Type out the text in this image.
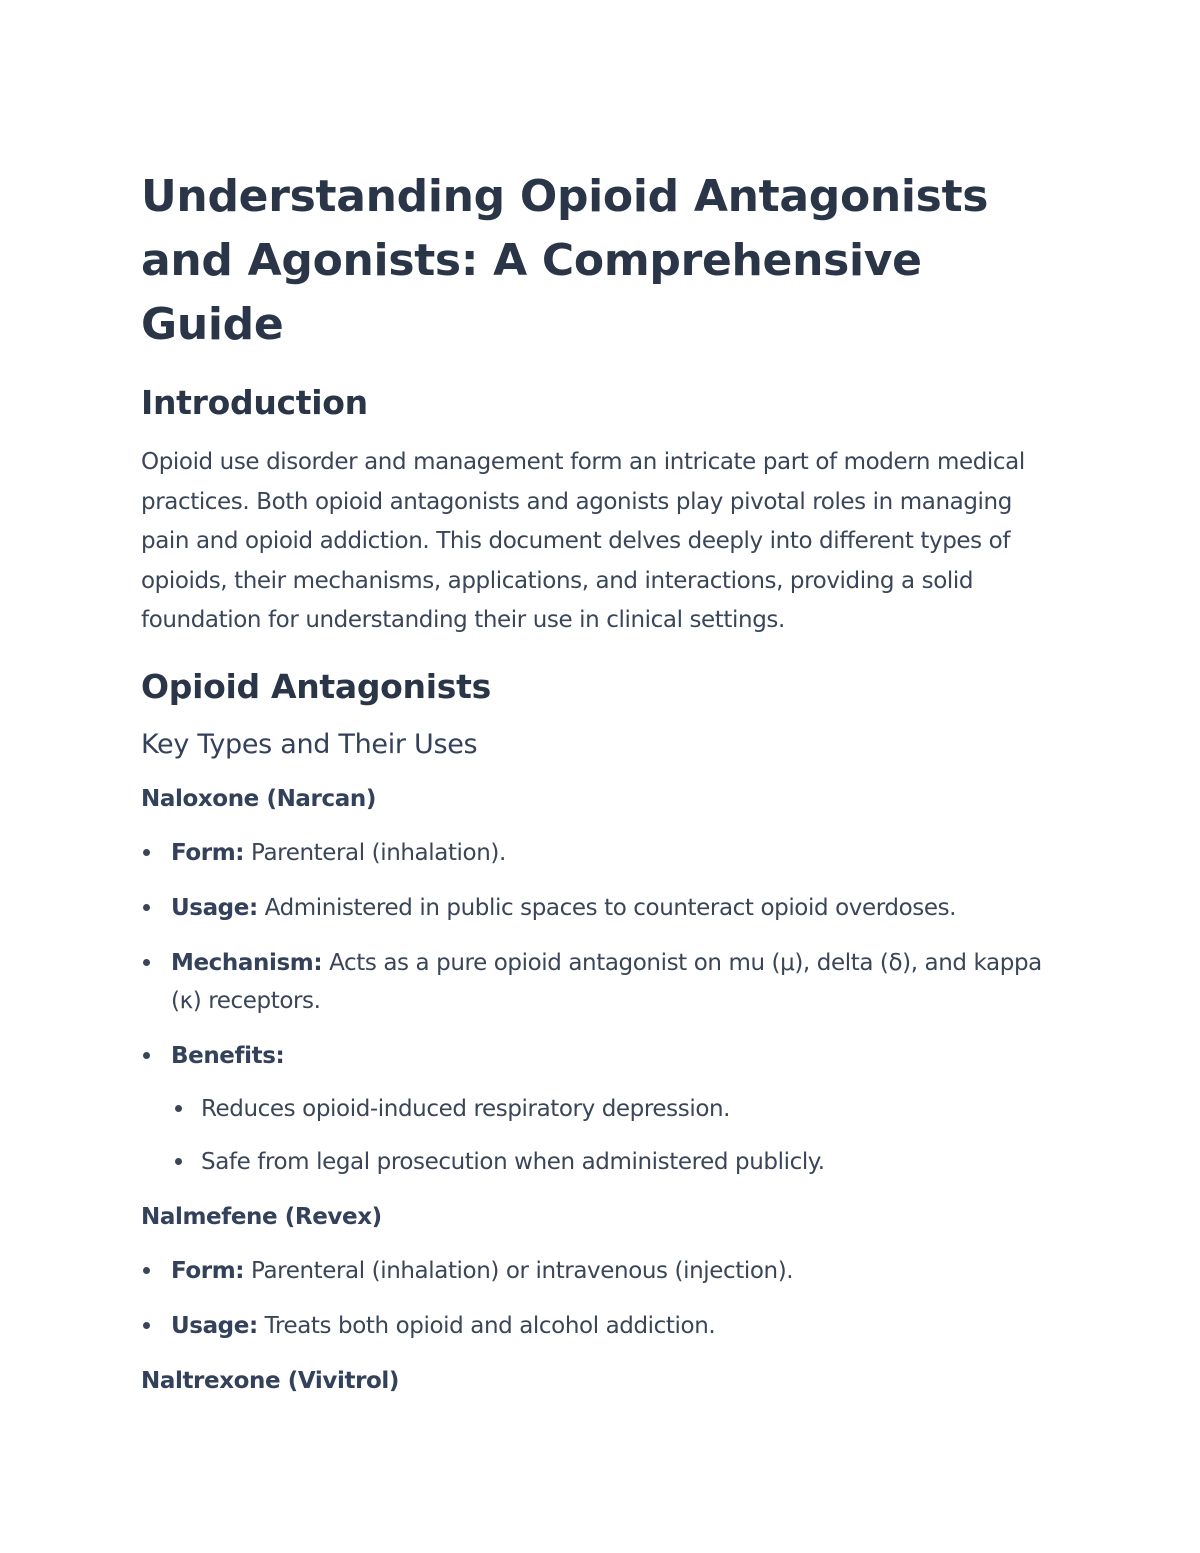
Understanding Opioid Antagonists and Agonists: A Comprehensive Guide
Introduction

Opioid use disorder and management form an intricate part of modern medical practices. Both opioid antagonists and agonists play pivotal roles in managing pain and opioid addiction. This document delves deeply into different types of opioids, their mechanisms, applications, and interactions, providing a solid foundation for understanding their use in clinical settings.

Opioid Antagonists
Key Types and Their Uses
Naloxone (Narcan)
Form: Parenteral (inhalation).
Usage: Administered in public spaces to counteract opioid overdoses.
Mechanism: Acts as a pure opioid antagonist on mu (μ), delta (δ), and kappa (κ) receptors.
Benefits:
Reduces opioid-induced respiratory depression.
Safe from legal prosecution when administered publicly.
Nalmefene (Revex)
Form: Parenteral (inhalation) or intravenous (injection).
Usage: Treats both opioid and alcohol addiction.
Naltrexone (Vivitrol)
